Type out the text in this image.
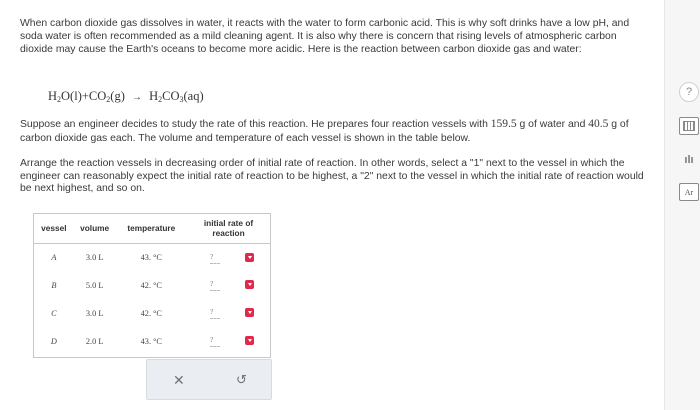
When carbon dioxide gas dissolves in water, it reacts with the water to form carbonic acid. This is why soft drinks have a low pH, and soda water is often recommended as a mild cleaning agent. It is also why there is concern that rising levels of atmospheric carbon dioxide may cause the Earth's oceans to become more acidic. Here is the reaction between carbon dioxide gas and water:

$H_2O(l)+CO_2(g) \to H_2CO_3(aq)$

Suppose an engineer decides to study the rate of this reaction. He prepares four reaction vessels with 159.5 g of water and 40.5 g of carbon dioxide gas each. The volume and temperature of each vessel is shown in the table below.

Arrange the reaction vessels in decreasing order of initial rate of reaction. In other words, select a "1" next to the vessel in which the engineer can reasonably expect the initial rate of reaction to be highest, a "2" next to the vessel in which the initial rate of reaction would be next highest, and so on.

vessel	volume	temperature	initial rate of reaction
A	3.0 L	43. °C	?

B	5.0 L	42. °C	?

C	3.0 L	42. °C	?

D	2.0 L	43. °C	?
✕	↺
?
ılı
Ar
